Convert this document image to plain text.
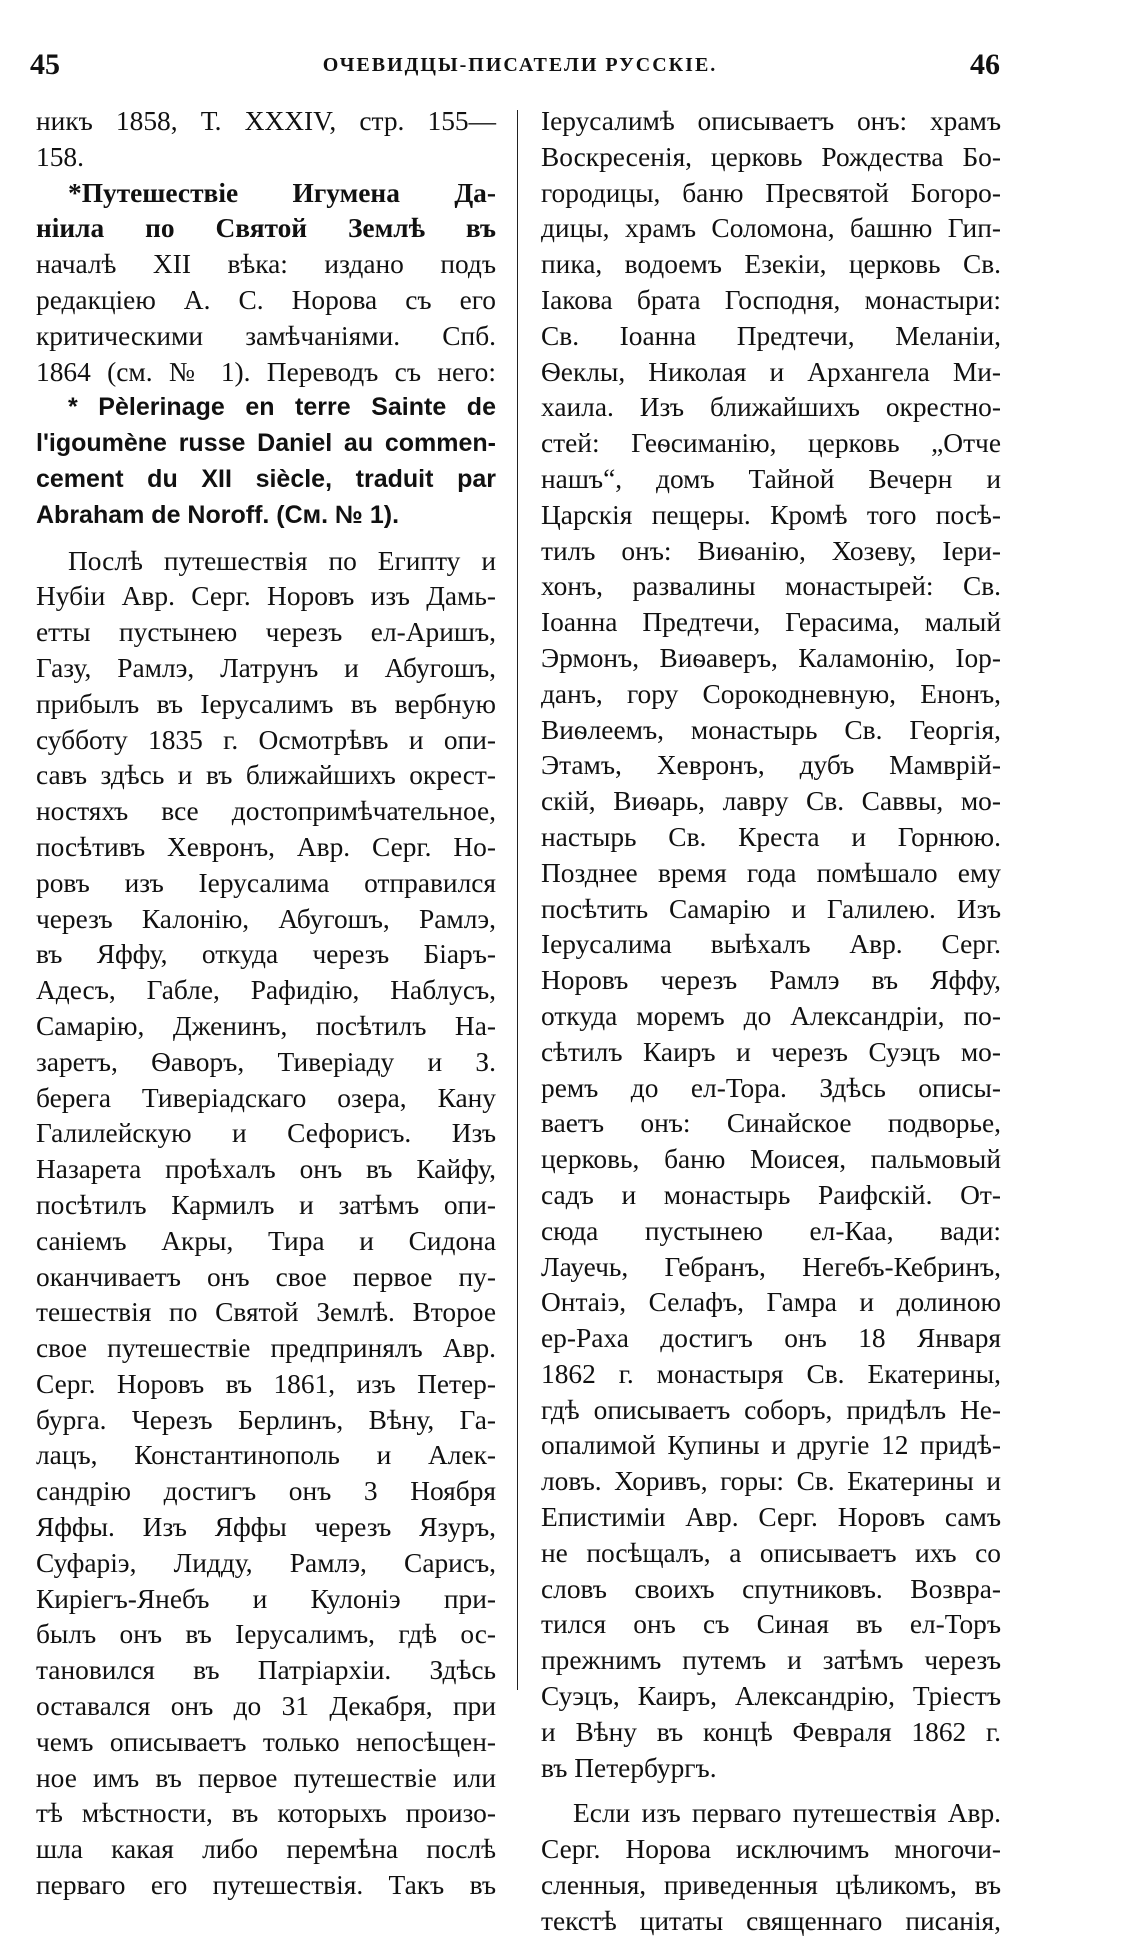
45	ОЧЕВИДЦЫ-ПИСАТЕЛИ РУССКІЕ.	46
никъ 1858, Т. XXXIV, стр. 155—
158.
*Путешествіе Игумена Да-
ніила по Святой Землѣ въ
началѣ XII вѣка: издано подъ
редакціею А. С. Норова съ его
критическими замѣчаніями. Спб.
1864 (см. № 1). Переводъ съ него:
* Pèlerinage en terre Sainte de
l'igoumène russe Daniel au commen-
cement du XII siècle, traduit par
Abraham de Noroff. (См. № 1).
Послѣ путешествія по Египту и
Нубіи Авр. Серг. Норовъ изъ Дамь-
етты пустынею черезъ ел-Аришъ,
Газу, Рамлэ, Латрунъ и Абугошъ,
прибылъ въ Іерусалимъ въ вербную
субботу 1835 г. Осмотрѣвъ и опи-
савъ здѣсь и въ ближайшихъ окрест-
ностяхъ все достопримѣчательное,
посѣтивъ Хевронъ, Авр. Серг. Но-
ровъ изъ Іерусалима отправился
черезъ Калонію, Абугошъ, Рамлэ,
въ Яффу, откуда черезъ Біаръ-
Адесъ, Габле, Рафидію, Наблусъ,
Самарію, Дженинъ, посѣтилъ На-
заретъ, Ѳаворъ, Тиверіаду и З.
берега Тиверіадскаго озера, Кану
Галилейскую и Сефорисъ. Изъ
Назарета проѣхалъ онъ въ Кайфу,
посѣтилъ Кармилъ и затѣмъ опи-
саніемъ Акры, Тира и Сидона
оканчиваетъ онъ свое первое пу-
тешествія по Святой Землѣ. Второе
свое путешествіе предпринялъ Авр.
Серг. Норовъ въ 1861, изъ Петер-
бурга. Черезъ Берлинъ, Вѣну, Га-
лацъ, Константинополь и Алек-
сандрію достигъ онъ 3 Ноября
Яффы. Изъ Яффы черезъ Язуръ,
Суфаріэ, Лидду, Рамлэ, Сарисъ,
Киріегъ-Янебъ и Кулоніэ при-
былъ онъ въ Іерусалимъ, гдѣ ос-
тановился въ Патріархіи. Здѣсь
оставался онъ до 31 Декабря, при
чемъ описываетъ только непосѣщен-
ное имъ въ первое путешествіе или
тѣ мѣстности, въ которыхъ произо-
шла какая либо перемѣна послѣ
перваго его путешествія. Такъ въ
Іерусалимѣ описываетъ онъ: храмъ
Воскресенія, церковь Рождества Бо-
городицы, баню Пресвятой Богоро-
дицы, храмъ Соломона, башню Гип-
пика, водоемъ Езекіи, церковь Св.
Іакова брата Господня, монастыри:
Св. Іоанна Предтечи, Меланіи,
Ѳеклы, Николая и Архангела Ми-
хаила. Изъ ближайшихъ окрестно-
стей: Геѳсиманію, церковь „Отче
нашъ“, домъ Тайной Вечерн и
Царскія пещеры. Кромѣ того посѣ-
тилъ онъ: Виѳанію, Хозеву, Іери-
хонъ, развалины монастырей: Св.
Іоанна Предтечи, Герасима, малый
Эрмонъ, Виѳаверъ, Каламонію, Іор-
данъ, гору Сорокодневную, Енонъ,
Виѳлеемъ, монастырь Св. Георгія,
Этамъ, Хевронъ, дубъ Мамврій-
скій, Виѳарь, лавру Св. Саввы, мо-
настырь Св. Креста и Горнюю.
Позднее время года помѣшало ему
посѣтить Самарію и Галилею. Изъ
Іерусалима выѣхалъ Авр. Серг.
Норовъ черезъ Рамлэ въ Яффу,
откуда моремъ до Александріи, по-
сѣтилъ Каиръ и черезъ Суэцъ мо-
ремъ до ел-Тора. Здѣсь описы-
ваетъ онъ: Синайское подворье,
церковь, баню Моисея, пальмовый
садъ и монастырь Раифскій. От-
сюда пустынею ел-Каа, вади:
Лауечь, Гебранъ, Негебъ-Кебринъ,
Онтаіэ, Селафъ, Гамра и долиною
ер-Раха достигъ онъ 18 Января
1862 г. монастыря Св. Екатерины,
гдѣ описываетъ соборъ, придѣлъ Не-
опалимой Купины и другіе 12 придѣ-
ловъ. Хоривъ, горы: Св. Екатерины и
Епистиміи Авр. Серг. Норовъ самъ
не посѣщалъ, а описываетъ ихъ со
словъ своихъ спутниковъ. Возвра-
тился онъ съ Синая въ ел-Торъ
прежнимъ путемъ и затѣмъ черезъ
Суэцъ, Каиръ, Александрію, Тріестъ
и Вѣну въ концѣ Февраля 1862 г.
въ Петербургъ.
Если изъ перваго путешествія Авр.
Серг. Норова исключимъ многочи-
сленныя, приведенныя цѣликомъ, въ
текстѣ цитаты священнаго писанія,
